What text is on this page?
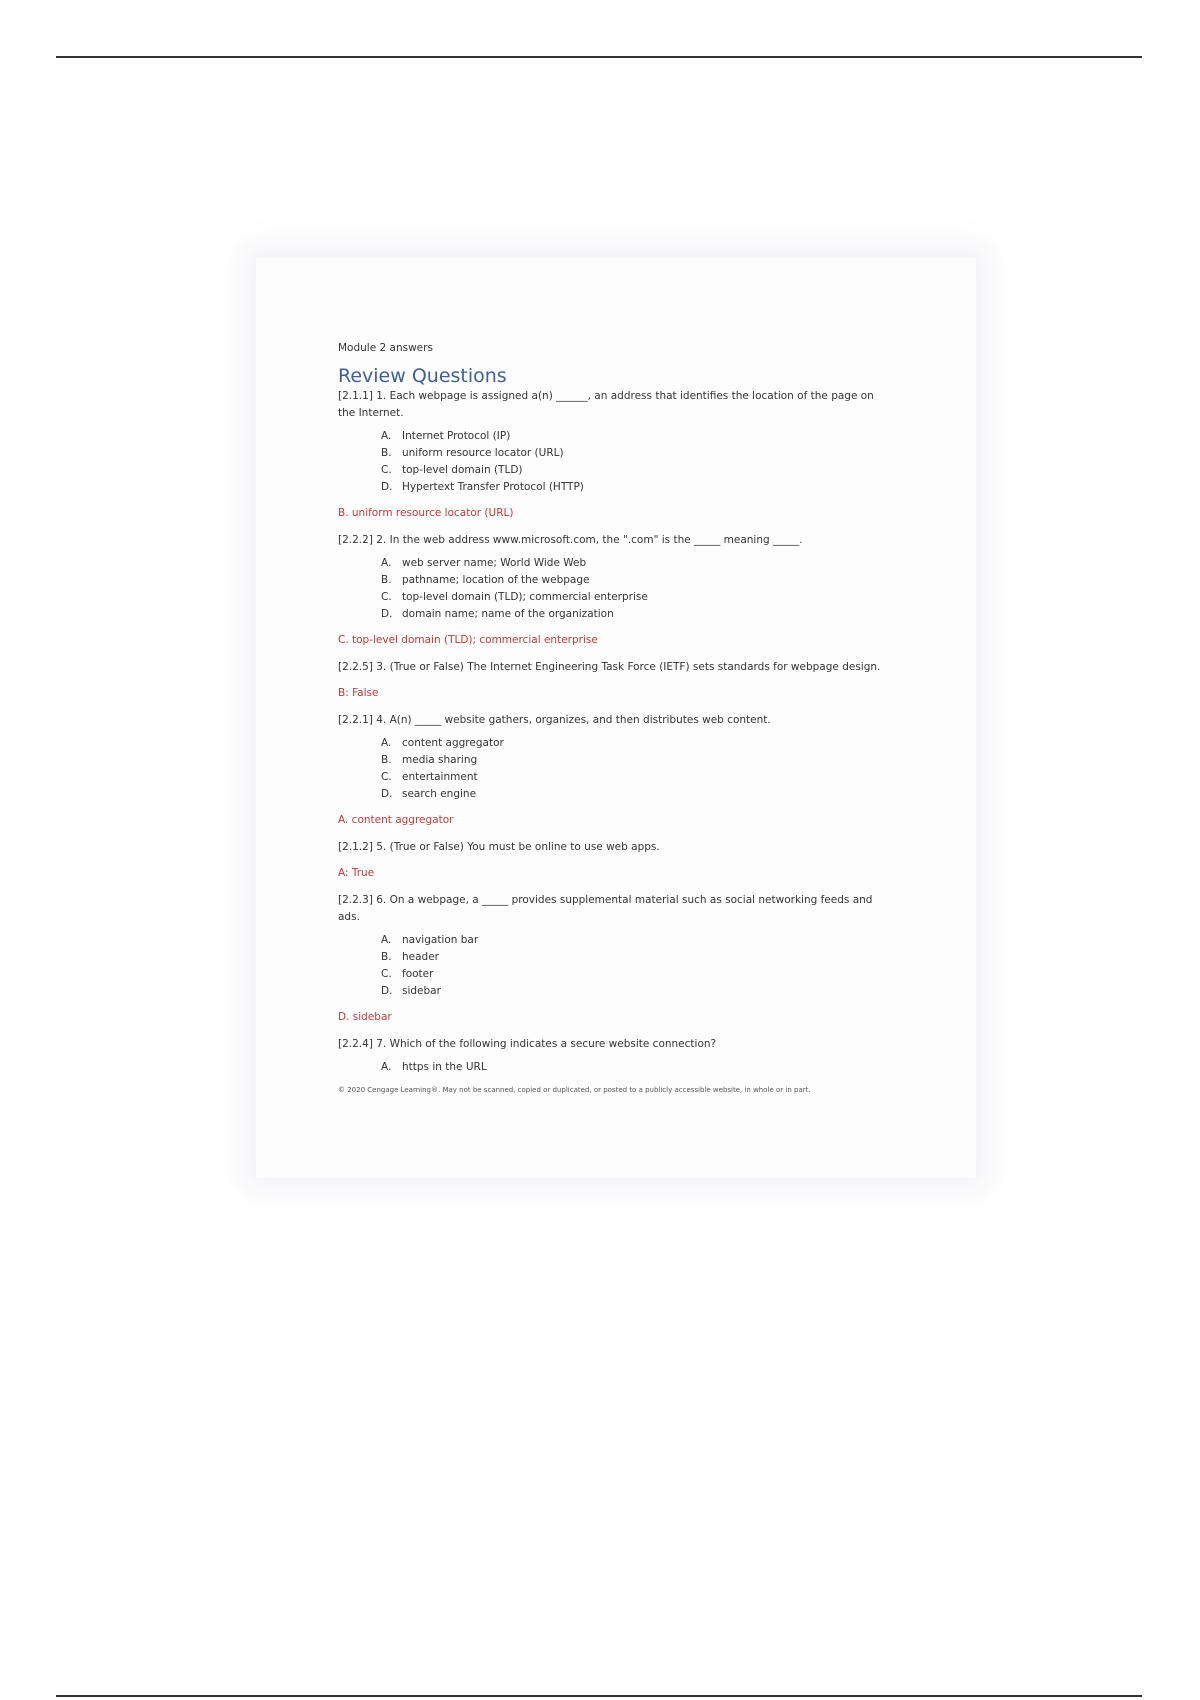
Module 2 answers

Review Questions

[2.1.1] 1. Each webpage is assigned a(n) ______, an address that identifies the location of the page on the Internet.

A.	Internet Protocol (IP)
B. uniform resource locator (URL)
C. top-level domain (TLD)
D. Hypertext Transfer Protocol (HTTP)

B. uniform resource locator (URL)

[2.2.2] 2. In the web address www.microsoft.com, the ".com" is the _____ meaning _____.

A.	web server name; World Wide Web
B. pathname; location of the webpage
C. top-level domain (TLD); commercial enterprise
D. domain name; name of the organization

C. top-level domain (TLD); commercial enterprise

[2.2.5] 3. (True or False) The Internet Engineering Task Force (IETF) sets standards for webpage design.

B: False

[2.2.1] 4. A(n) _____ website gathers, organizes, and then distributes web content.

A.	content aggregator
B. media sharing
C. entertainment
D. search engine

A. content aggregator

[2.1.2] 5. (True or False) You must be online to use web apps.

A: True

[2.2.3] 6. On a webpage, a _____ provides supplemental material such as social networking feeds and ads.

A.	navigation bar
B. header
C. footer
D. sidebar

D. sidebar

[2.2.4] 7. Which of the following indicates a secure website connection?

A.	https in the URL

© 2020 Cengage Learning®. May not be scanned, copied or duplicated, or posted to a publicly accessible website, in whole or in part.
